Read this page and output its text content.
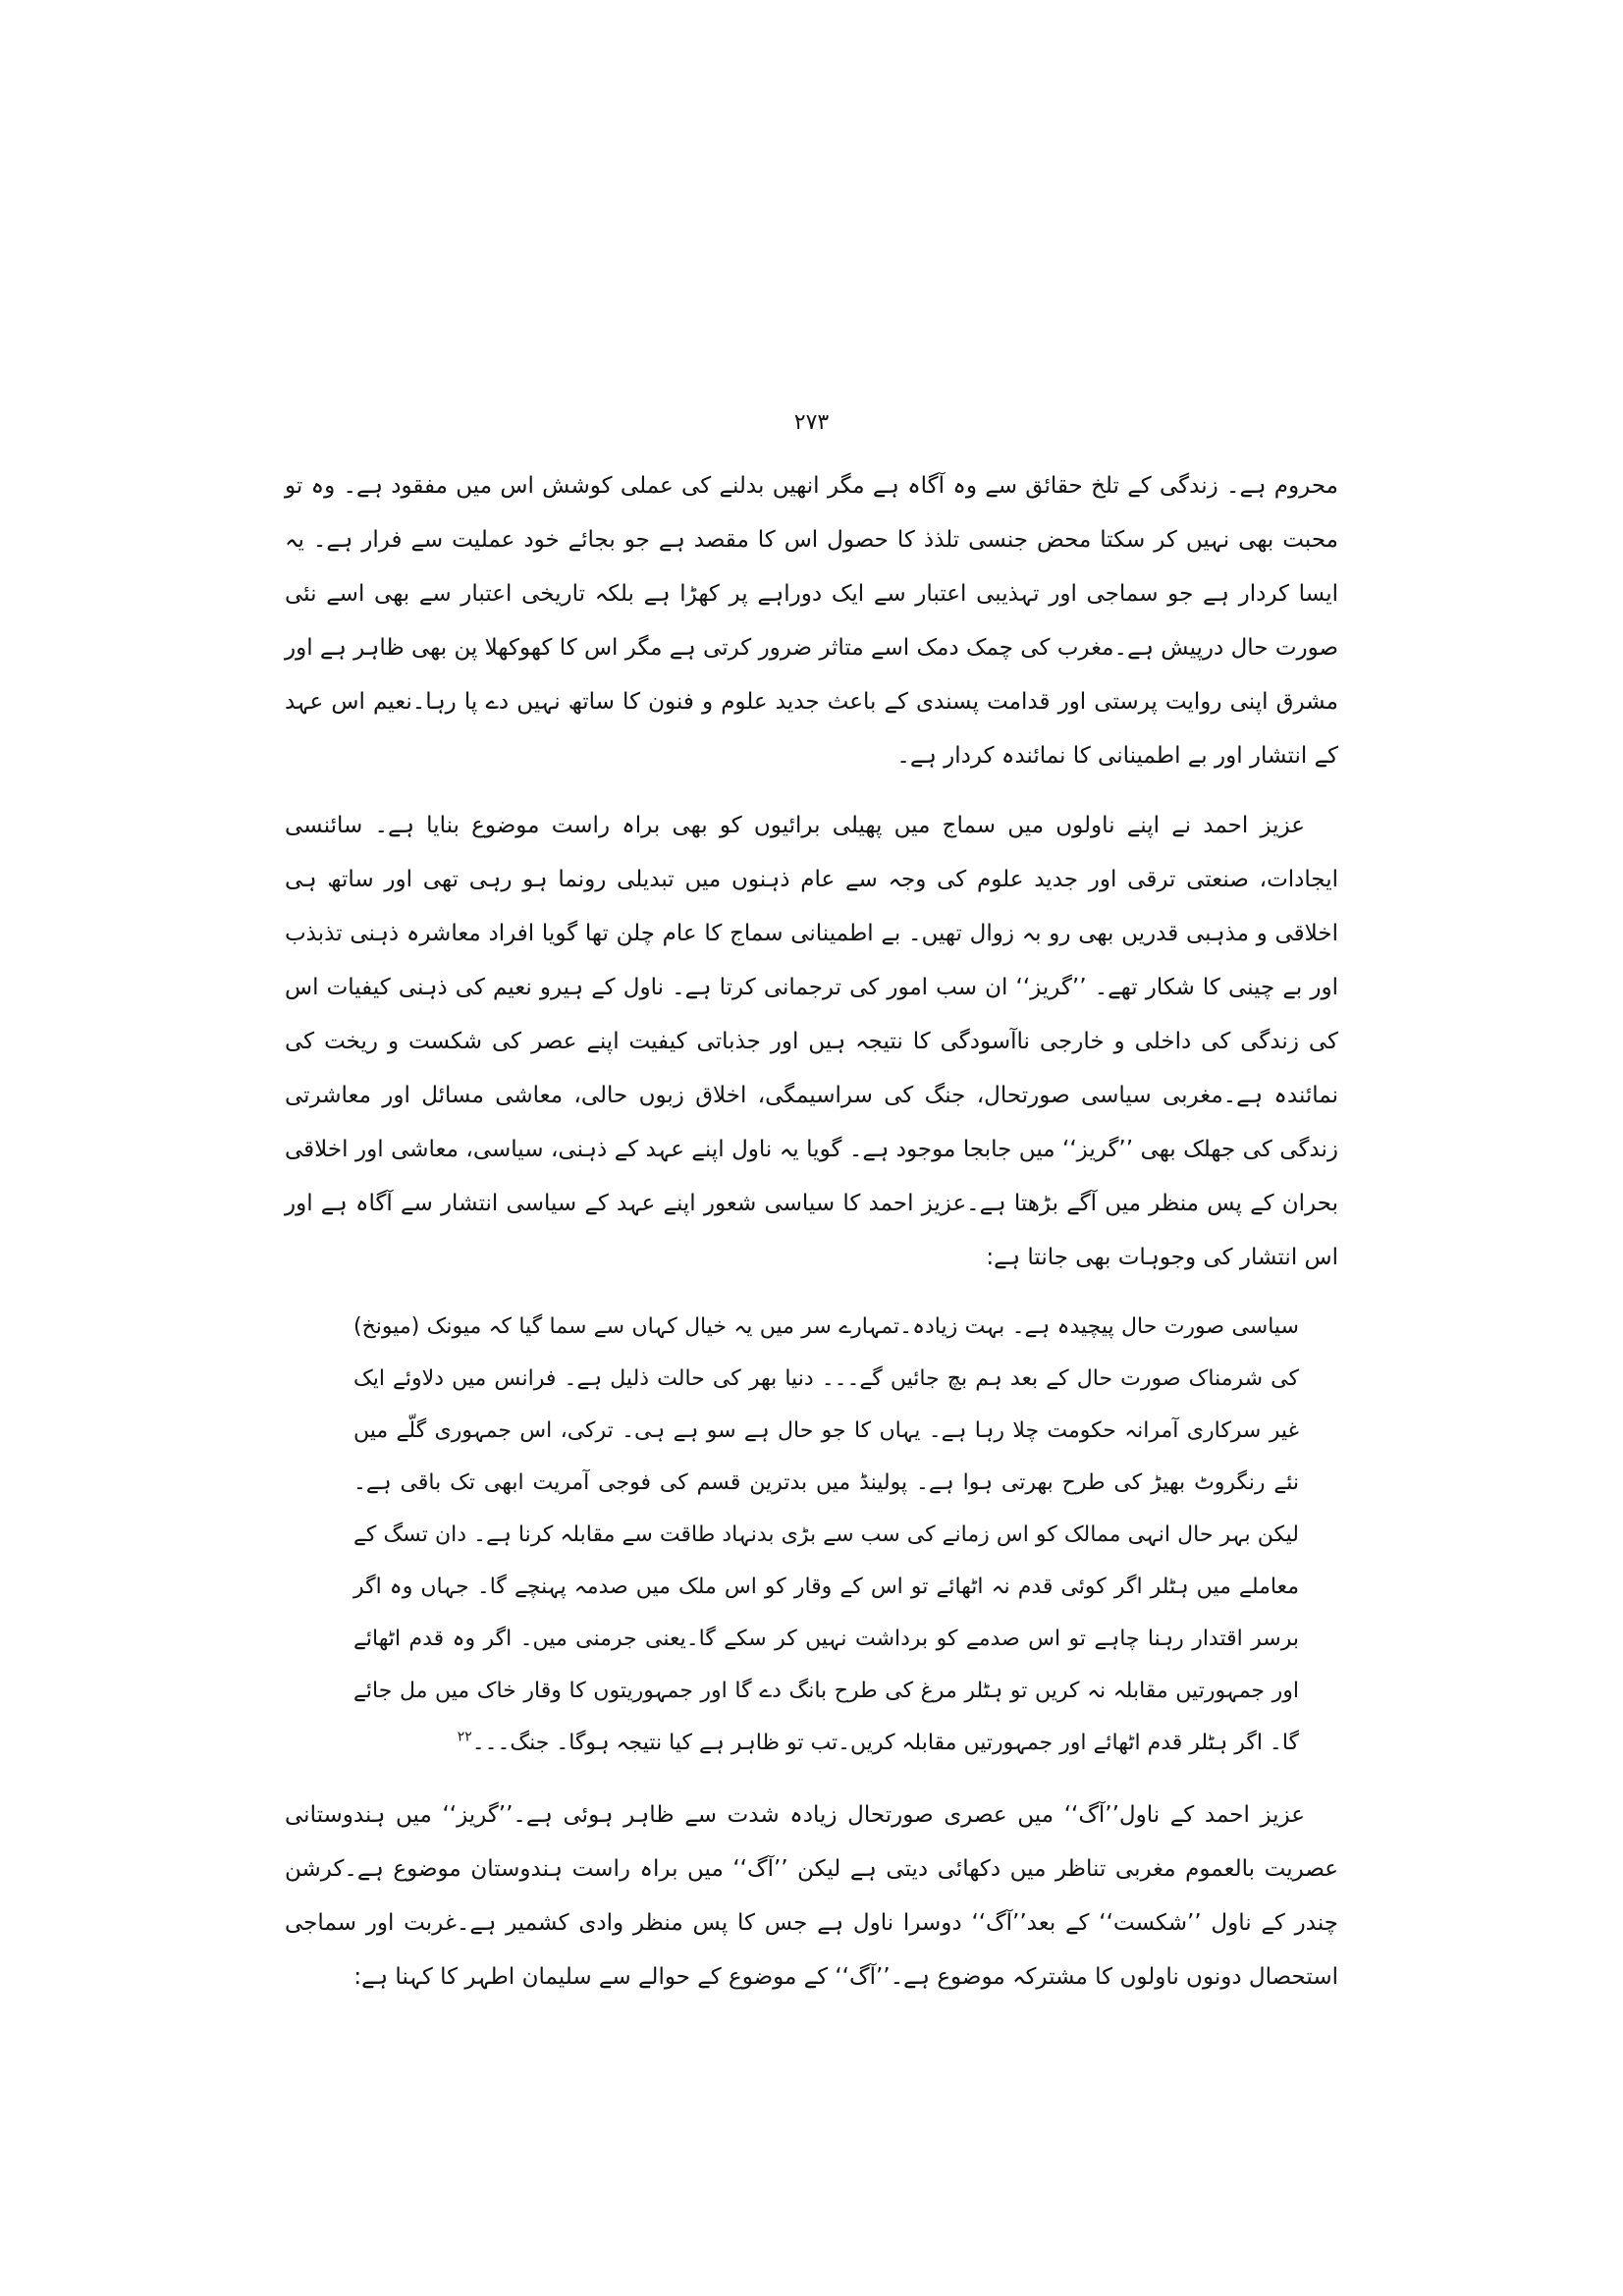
۲۷۳

محروم ہے۔ زندگی کے تلخ حقائق سے وہ آگاہ ہے مگر انھیں بدلنے کی عملی کوشش اس میں مفقود ہے۔ وہ تو محبت بھی نہیں کر سکتا محض جنسی تلذذ کا حصول اس کا مقصد ہے جو بجائے خود عملیت سے فرار ہے۔ یہ ایسا کردار ہے جو سماجی اور تہذیبی اعتبار سے ایک دوراہے پر کھڑا ہے بلکہ تاریخی اعتبار سے بھی اسے نئی صورت حال درپیش ہے۔مغرب کی چمک دمک اسے متاثر ضرور کرتی ہے مگر اس کا کھوکھلا پن بھی ظاہر ہے اور مشرق اپنی روایت پرستی اور قدامت پسندی کے باعث جدید علوم و فنون کا ساتھ نہیں دے پا رہا۔نعیم اس عہد کے انتشار اور بے اطمینانی کا نمائندہ کردار ہے۔

عزیز احمد نے اپنے ناولوں میں سماج میں پھیلی برائیوں کو بھی براہ راست موضوع بنایا ہے۔ سائنسی ایجادات، صنعتی ترقی اور جدید علوم کی وجہ سے عام ذہنوں میں تبدیلی رونما ہو رہی تھی اور ساتھ ہی اخلاقی و مذہبی قدریں بھی رو بہ زوال تھیں۔ بے اطمینانی سماج کا عام چلن تھا گویا افراد معاشرہ ذہنی تذبذب اور بے چینی کا شکار تھے۔ ’’گریز‘‘ ان سب امور کی ترجمانی کرتا ہے۔ ناول کے ہیرو نعیم کی ذہنی کیفیات اس کی زندگی کی داخلی و خارجی ناآسودگی کا نتیجہ ہیں اور جذباتی کیفیت اپنے عصر کی شکست و ریخت کی نمائندہ ہے۔مغربی سیاسی صورتحال، جنگ کی سراسیمگی، اخلاق زبوں حالی، معاشی مسائل اور معاشرتی زندگی کی جھلک بھی ’’گریز‘‘ میں جابجا موجود ہے۔ گویا یہ ناول اپنے عہد کے ذہنی، سیاسی، معاشی اور اخلاقی بحران کے پس منظر میں آگے بڑھتا ہے۔عزیز احمد کا سیاسی شعور اپنے عہد کے سیاسی انتشار سے آگاہ ہے اور اس انتشار کی وجوہات بھی جانتا ہے:

سیاسی صورت حال پیچیدہ ہے۔ بہت زیادہ۔تمہارے سر میں یہ خیال کہاں سے سما گیا کہ میونک (میونخ) کی شرمناک صورت حال کے بعد ہم بچ جائیں گے۔۔۔ دنیا بھر کی حالت ذلیل ہے۔ فرانس میں دلاوئے ایک غیر سرکاری آمرانہ حکومت چلا رہا ہے۔ یہاں کا جو حال ہے سو ہے ہی۔ ترکی، اس جمہوری گلّے میں نئے رنگروٹ بھیڑ کی طرح بھرتی ہوا ہے۔ پولینڈ میں بدترین قسم کی فوجی آمریت ابھی تک باقی ہے۔لیکن بہر حال انہی ممالک کو اس زمانے کی سب سے بڑی بدنہاد طاقت سے مقابلہ کرنا ہے۔ دان تسگ کے معاملے میں ہٹلر اگر کوئی قدم نہ اٹھائے تو اس کے وقار کو اس ملک میں صدمہ پہنچے گا۔ جہاں وہ اگر برسر اقتدار رہنا چاہے تو اس صدمے کو برداشت نہیں کر سکے گا۔یعنی جرمنی میں۔ اگر وہ قدم اٹھائے اور جمہورتیں مقابلہ نہ کریں تو ہٹلر مرغ کی طرح بانگ دے گا اور جمہوریتوں کا وقار خاک میں مل جائے گا۔ اگر ہٹلر قدم اٹھائے اور جمہورتیں مقابلہ کریں۔تب تو ظاہر ہے کیا نتیجہ ہوگا۔ جنگ۔۔۔$^{۲۲}$

عزیز احمد کے ناول’’آگ‘‘ میں عصری صورتحال زیادہ شدت سے ظاہر ہوئی ہے۔’’گریز‘‘ میں ہندوستانی عصریت بالعموم مغربی تناظر میں دکھائی دیتی ہے لیکن ’’آگ‘‘ میں براہ راست ہندوستان موضوع ہے۔کرشن چندر کے ناول ’’شکست‘‘ کے بعد’’آگ‘‘ دوسرا ناول ہے جس کا پس منظر وادی کشمیر ہے۔غربت اور سماجی استحصال دونوں ناولوں کا مشترکہ موضوع ہے۔’’آگ‘‘ کے موضوع کے حوالے سے سلیمان اطہر کا کہنا ہے:
